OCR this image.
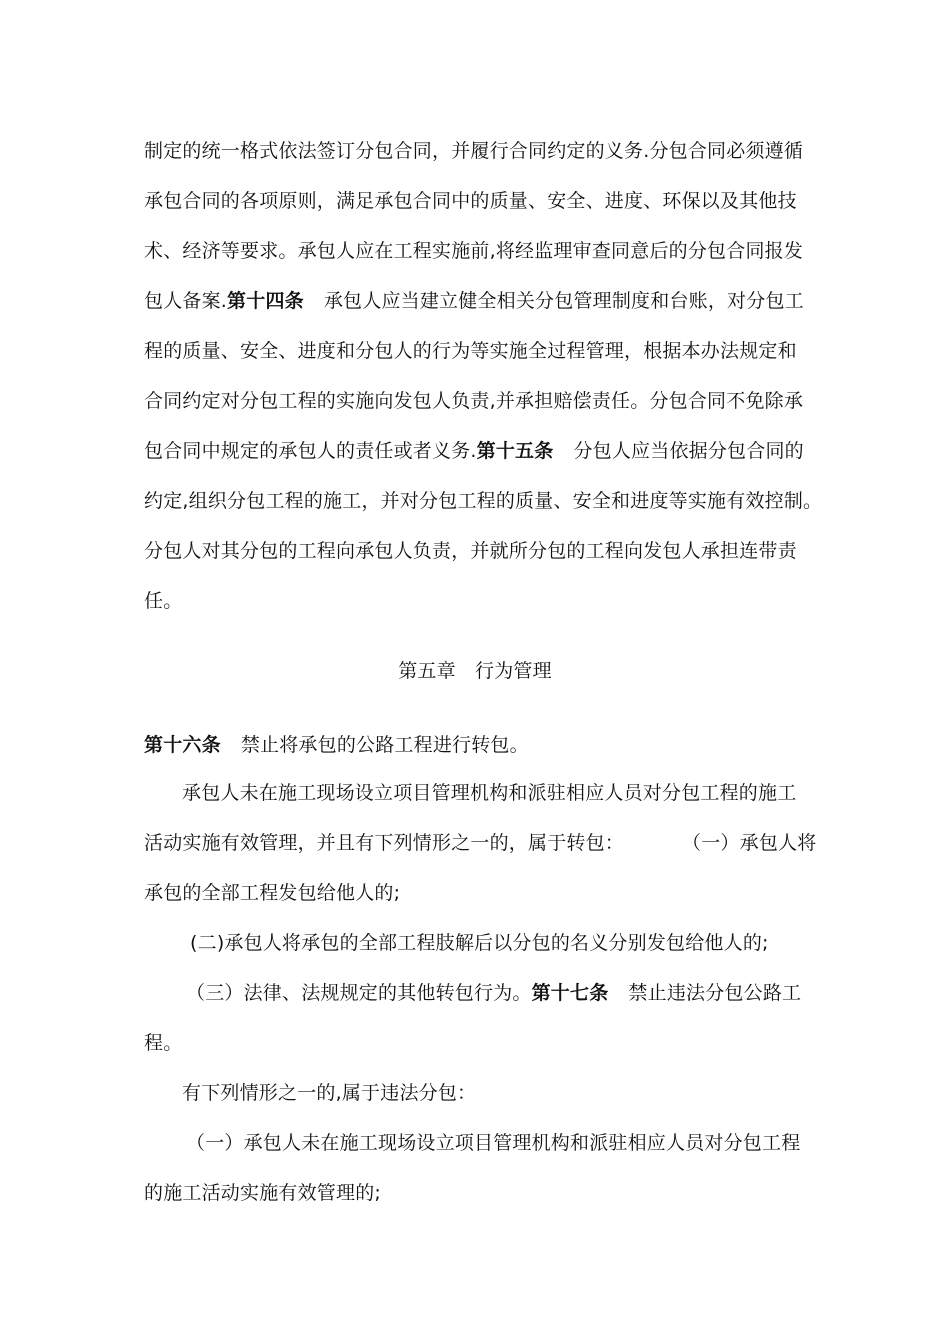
制定的统一格式依法签订分包合同，并履行合同约定的义务.分包合同必须遵循
承包合同的各项原则，满足承包合同中的质量、安全、进度、环保以及其他技
术、经济等要求。承包人应在工程实施前,将经监理审查同意后的分包合同报发
包人备案.第十四条 承包人应当建立健全相关分包管理制度和台账，对分包工
程的质量、安全、进度和分包人的行为等实施全过程管理，根据本办法规定和
合同约定对分包工程的实施向发包人负责,并承担赔偿责任。分包合同不免除承
包合同中规定的承包人的责任或者义务.第十五条 分包人应当依据分包合同的
约定,组织分包工程的施工，并对分包工程的质量、安全和进度等实施有效控制。
分包人对其分包的工程向承包人负责，并就所分包的工程向发包人承担连带责
任。
第五章　行为管理
第十六条 禁止将承包的公路工程进行转包。
承包人未在施工现场设立项目管理机构和派驻相应人员对分包工程的施工
活动实施有效管理，并且有下列情形之一的，属于转包：	（一）承包人将
承包的全部工程发包给他人的;
(二)承包人将承包的全部工程肢解后以分包的名义分别发包给他人的;
（三）法律、法规规定的其他转包行为。第十七条 禁止违法分包公路工
程。
有下列情形之一的,属于违法分包：
（一）承包人未在施工现场设立项目管理机构和派驻相应人员对分包工程
的施工活动实施有效管理的;
